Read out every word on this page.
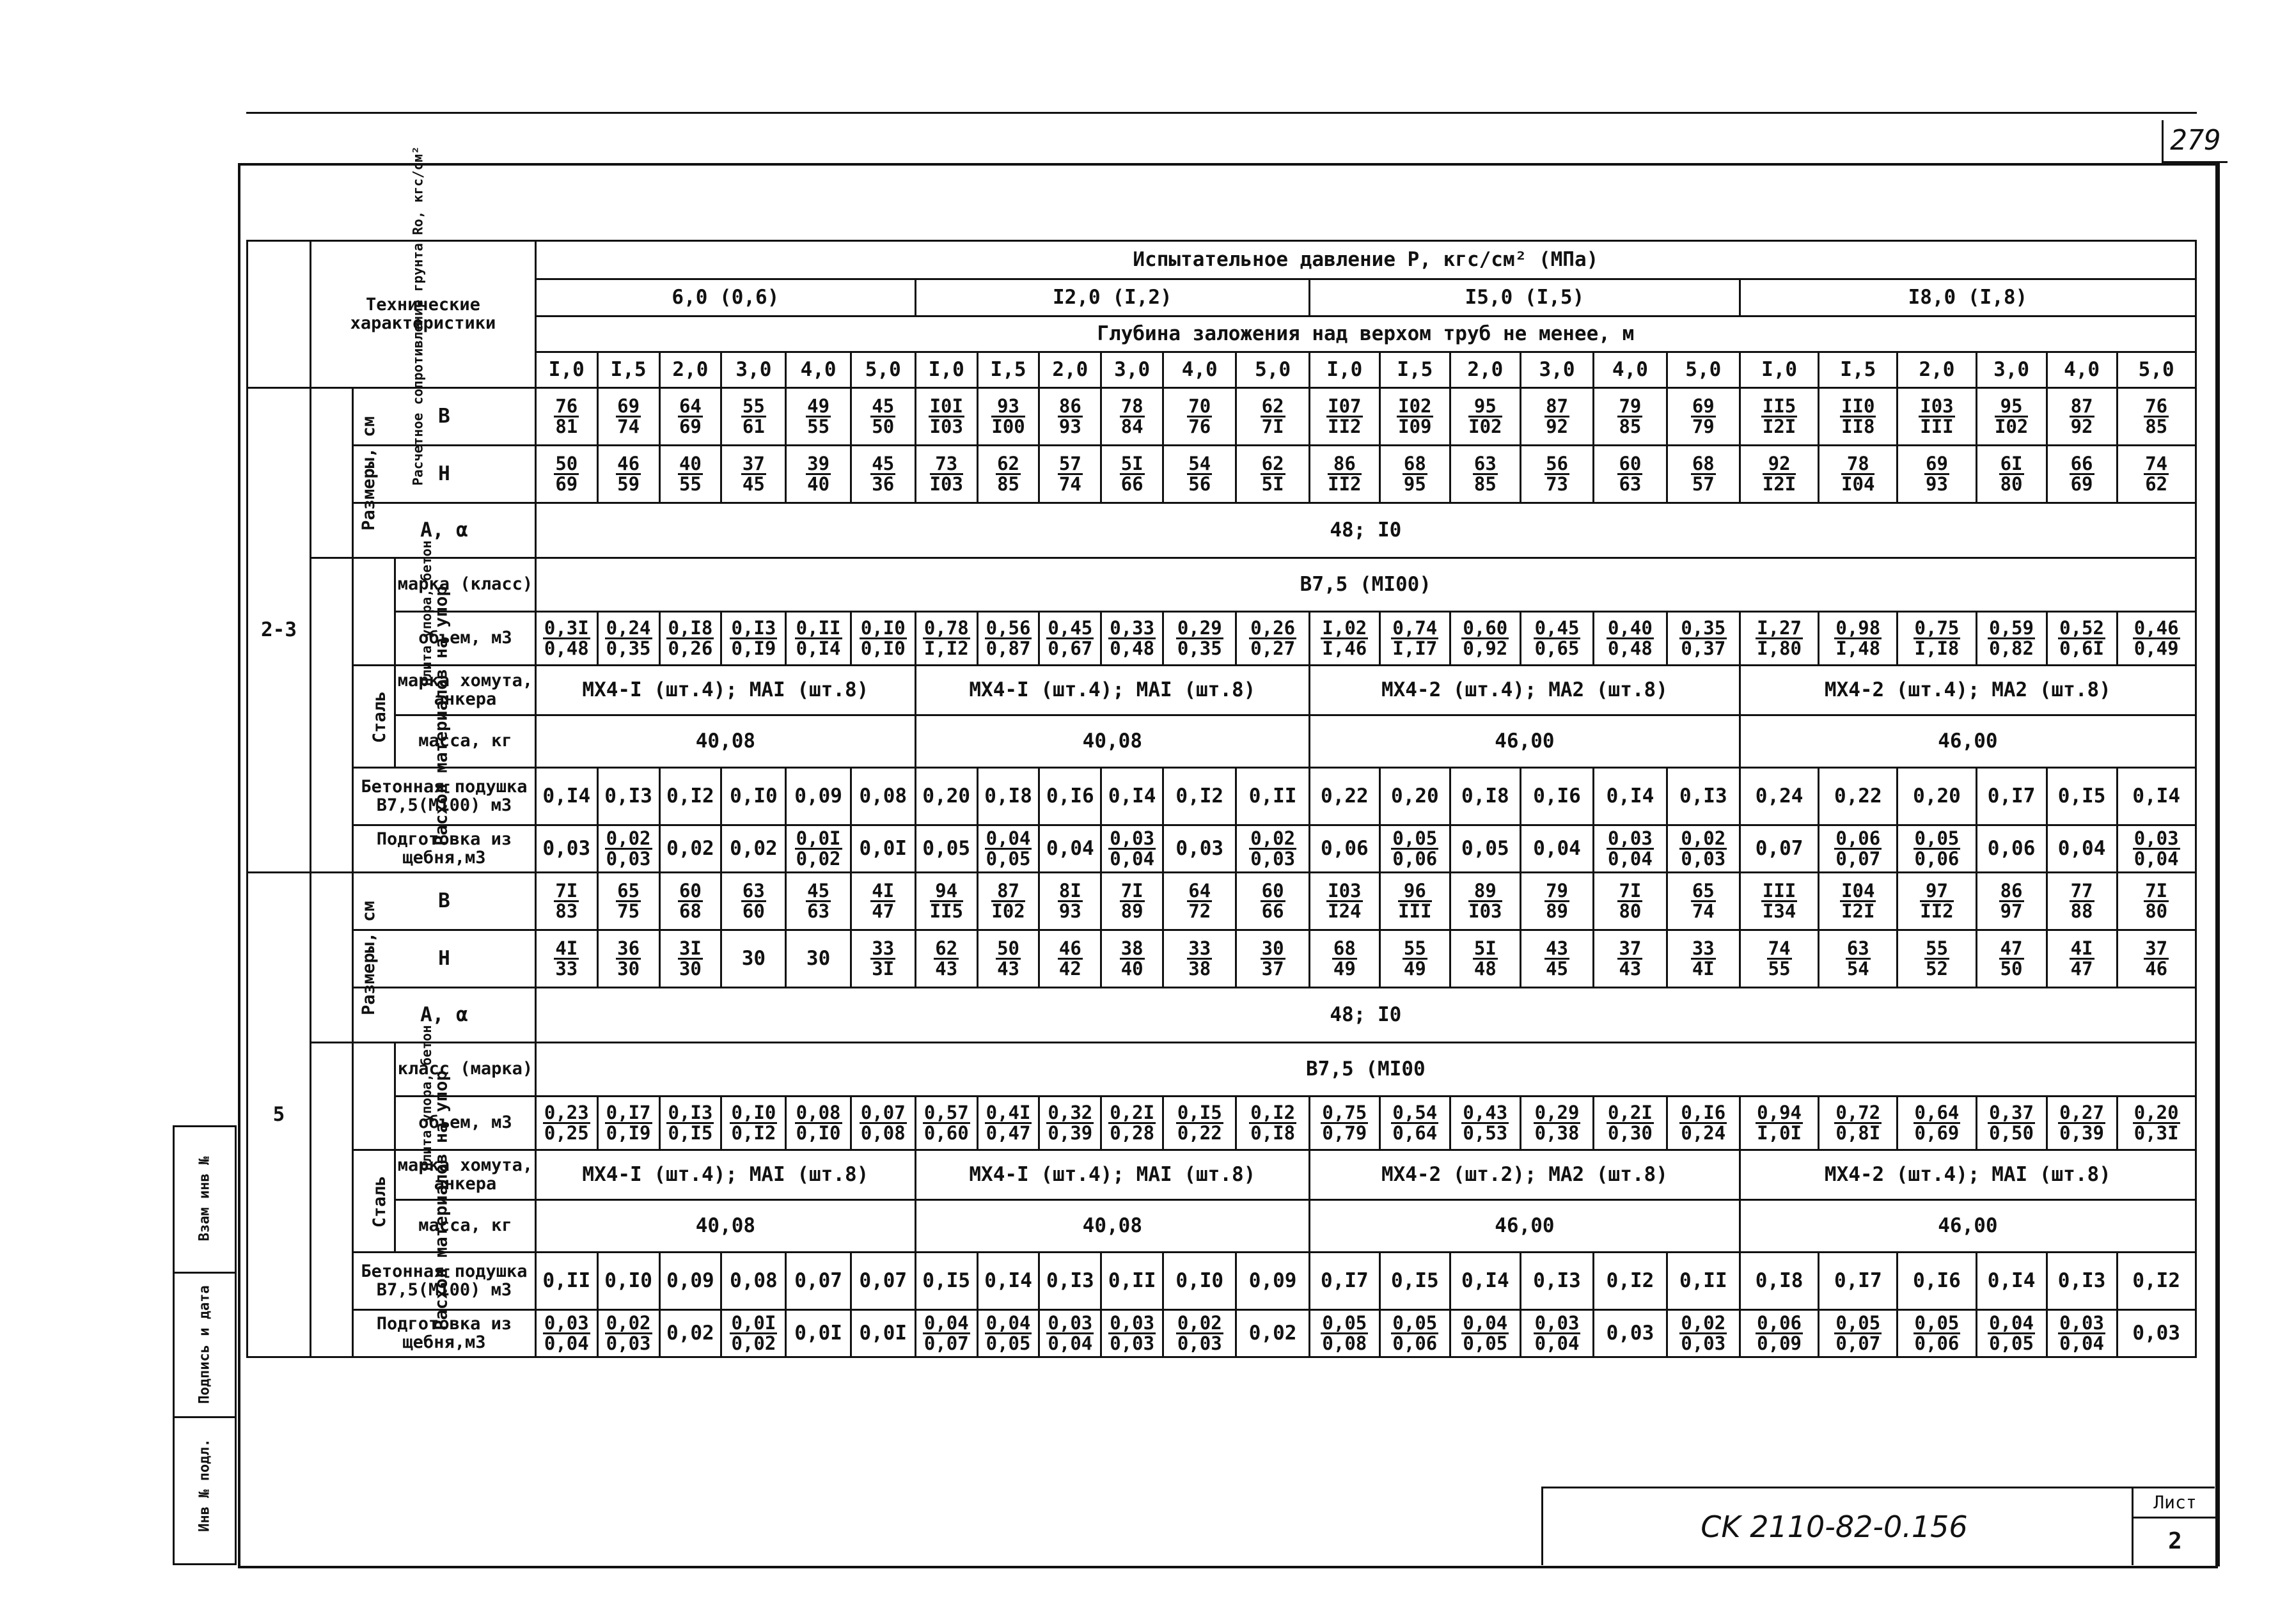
279
Инв № подл.
Подпись и дата
Взам инв №
Расчетное сопротивление грунта Ro, кгс/см²	Технические характеристики			Испытательное давление P, кгс/см² (МПа)																							
				6,0 (0,6)						I2,0 (I,2)						I5,0 (I,5)						I8,0 (I,8)					
				Глубина заложения над верхом труб не менее, м																							
				I,0	I,5	2,0	3,0	4,0	5,0	I,0	I,5	2,0	3,0	4,0	5,0	I,0	I,5	2,0	3,0	4,0	5,0	I,0	I,5	2,0	3,0	4,0	5,0
2-3	Размеры, см	B		$\frac{76}{81}$	$\frac{69}{74}$	$\frac{64}{69}$	$\frac{55}{61}$	$\frac{49}{55}$	$\frac{45}{50}$	$\frac{I0I}{I03}$	$\frac{93}{I00}$	$\frac{86}{93}$	$\frac{78}{84}$	$\frac{70}{76}$	$\frac{62}{7I}$	$\frac{I07}{II2}$	$\frac{I02}{I09}$	$\frac{95}{I02}$	$\frac{87}{92}$	$\frac{79}{85}$	$\frac{69}{79}$	$\frac{II5}{I2I}$	$\frac{II0}{II8}$	$\frac{I03}{\text{III}}$	$\frac{95}{I02}$	$\frac{87}{92}$	$\frac{76}{85}$

		H		$\frac{50}{69}$	$\frac{46}{59}$	$\frac{40}{55}$	$\frac{37}{45}$	$\frac{39}{40}$	$\frac{45}{36}$	$\frac{73}{I03}$	$\frac{62}{85}$	$\frac{57}{74}$	$\frac{5I}{66}$	$\frac{54}{56}$	$\frac{62}{5I}$	$\frac{86}{II2}$	$\frac{68}{95}$	$\frac{63}{85}$	$\frac{56}{73}$	$\frac{60}{63}$	$\frac{68}{57}$	$\frac{92}{I2I}$	$\frac{78}{I04}$	$\frac{69}{93}$	$\frac{6I}{80}$	$\frac{66}{69}$	$\frac{74}{62}$

		A, α		48; I0																							
	Расход материалов на упор	Плита упора, бетон	марка (класс)	B7,5 (MI00)																							
			объем, м3	$\frac{0,3I}{0,48}$	$\frac{0,24}{0,35}$	$\frac{0,I8}{0,26}$	$\frac{0,I3}{0,I9}$	$\frac{0,II}{0,I4}$	$\frac{0,I0}{0,I0}$	$\frac{0,78}{I,I2}$	$\frac{0,56}{0,87}$	$\frac{0,45}{0,67}$	$\frac{0,33}{0,48}$	$\frac{0,29}{0,35}$	$\frac{0,26}{0,27}$	$\frac{I,02}{I,46}$	$\frac{0,74}{I,I7}$	$\frac{0,60}{0,92}$	$\frac{0,45}{0,65}$	$\frac{0,40}{0,48}$	$\frac{0,35}{0,37}$	$\frac{I,27}{I,80}$	$\frac{0,98}{I,48}$	$\frac{0,75}{I,I8}$	$\frac{0,59}{0,82}$	$\frac{0,52}{0,6I}$	$\frac{0,46}{0,49}$

		Сталь	марка хомута, анкера	MX4-I (шт.4); MAI (шт.8)						MX4-I (шт.4); MAI (шт.8)						MX4-2 (шт.4); MA2 (шт.8)						MX4-2 (шт.4); MA2 (шт.8)					
			масса, кг	40,08						40,08						46,00						46,00					
		Бетонная подушка В7,5(М100) м3		0,I4	0,I3	0,I2	0,I0	0,09	0,08	0,20	0,I8	0,I6	0,I4	0,I2	0,II	0,22	0,20	0,I8	0,I6	0,I4	0,I3	0,24	0,22	0,20	0,I7	0,I5	0,I4
		Подготовка из щебня,м3		0,03	$\frac{0,02}{0,03}$	0,02	0,02	$\frac{0,0I}{0,02}$	0,0I	0,05	$\frac{0,04}{0,05}$	0,04	$\frac{0,03}{0,04}$	0,03	$\frac{0,02}{0,03}$	0,06	$\frac{0,05}{0,06}$	0,05	0,04	$\frac{0,03}{0,04}$	$\frac{0,02}{0,03}$	0,07	$\frac{0,06}{0,07}$	$\frac{0,05}{0,06}$	0,06	0,04	$\frac{0,03}{0,04}$

5	Размеры, см	B		$\frac{7I}{83}$	$\frac{65}{75}$	$\frac{60}{68}$	$\frac{63}{60}$	$\frac{45}{63}$	$\frac{4I}{47}$	$\frac{94}{II5}$	$\frac{87}{I02}$	$\frac{8I}{93}$	$\frac{7I}{89}$	$\frac{64}{72}$	$\frac{60}{66}$	$\frac{I03}{I24}$	$\frac{96}{\text{III}}$	$\frac{89}{I03}$	$\frac{79}{89}$	$\frac{7I}{80}$	$\frac{65}{74}$	$\frac{\text{III}}{I34}$	$\frac{I04}{I2I}$	$\frac{97}{II2}$	$\frac{86}{97}$	$\frac{77}{88}$	$\frac{7I}{80}$

		H		$\frac{4I}{33}$	$\frac{36}{30}$	$\frac{3I}{30}$	30	30	$\frac{33}{3I}$	$\frac{62}{43}$	$\frac{50}{43}$	$\frac{46}{42}$	$\frac{38}{40}$	$\frac{33}{38}$	$\frac{30}{37}$	$\frac{68}{49}$	$\frac{55}{49}$	$\frac{5I}{48}$	$\frac{43}{45}$	$\frac{37}{43}$	$\frac{33}{4I}$	$\frac{74}{55}$	$\frac{63}{54}$	$\frac{55}{52}$	$\frac{47}{50}$	$\frac{4I}{47}$	$\frac{37}{46}$

		A, α		48; I0																							
	Расход материалов на упор	Плита упора, бетон	класс (марка)	B7,5 (MI00																							
			объем, м3	$\frac{0,23}{0,25}$	$\frac{0,I7}{0,I9}$	$\frac{0,I3}{0,I5}$	$\frac{0,I0}{0,I2}$	$\frac{0,08}{0,I0}$	$\frac{0,07}{0,08}$	$\frac{0,57}{0,60}$	$\frac{0,4I}{0,47}$	$\frac{0,32}{0,39}$	$\frac{0,2I}{0,28}$	$\frac{0,I5}{0,22}$	$\frac{0,I2}{0,I8}$	$\frac{0,75}{0,79}$	$\frac{0,54}{0,64}$	$\frac{0,43}{0,53}$	$\frac{0,29}{0,38}$	$\frac{0,2I}{0,30}$	$\frac{0,I6}{0,24}$	$\frac{0,94}{I,0I}$	$\frac{0,72}{0,8I}$	$\frac{0,64}{0,69}$	$\frac{0,37}{0,50}$	$\frac{0,27}{0,39}$	$\frac{0,20}{0,3I}$

		Сталь	марка хомута, анкера	MX4-I (шт.4); MAI (шт.8)						MX4-I (шт.4); MAI (шт.8)						MX4-2 (шт.2); MA2 (шт.8)						MX4-2 (шт.4); MAI (шт.8)					
			масса, кг	40,08						40,08						46,00						46,00					
		Бетонная подушка В7,5(М100) м3		0,II	0,I0	0,09	0,08	0,07	0,07	0,I5	0,I4	0,I3	0,II	0,I0	0,09	0,I7	0,I5	0,I4	0,I3	0,I2	0,II	0,I8	0,I7	0,I6	0,I4	0,I3	0,I2
		Подготовка из щебня,м3		$\frac{0,03}{0,04}$	$\frac{0,02}{0,03}$	0,02	$\frac{0,0I}{0,02}$	0,0I	0,0I	$\frac{0,04}{0,07}$	$\frac{0,04}{0,05}$	$\frac{0,03}{0,04}$	$\frac{0,03}{0,03}$	$\frac{0,02}{0,03}$	0,02	$\frac{0,05}{0,08}$	$\frac{0,05}{0,06}$	$\frac{0,04}{0,05}$	$\frac{0,03}{0,04}$	0,03	$\frac{0,02}{0,03}$	$\frac{0,06}{0,09}$	$\frac{0,05}{0,07}$	$\frac{0,05}{0,06}$	$\frac{0,04}{0,05}$	$\frac{0,03}{0,04}$	0,03
CK 2110-82-0.156
Лист
2
